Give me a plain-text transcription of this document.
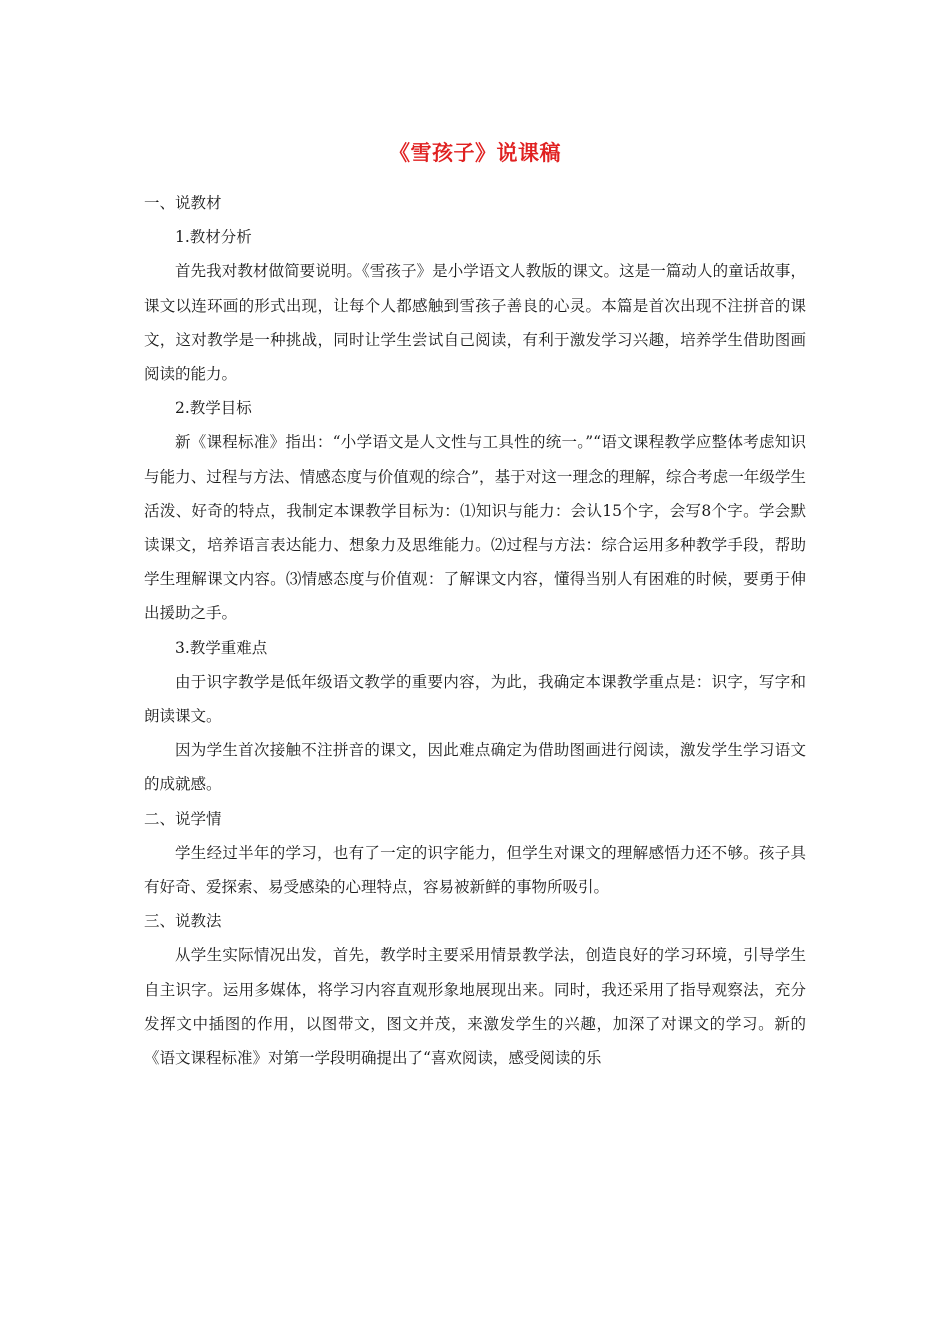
《雪孩子》说课稿

一、说教材

1.教材分析

首先我对教材做简要说明。《雪孩子》是小学语文人教版的课文。这是一篇动人的童话故事，课文以连环画的形式出现，让每个人都感触到雪孩子善良的心灵。本篇是首次出现不注拼音的课文，这对教学是一种挑战，同时让学生尝试自己阅读，有利于激发学习兴趣，培养学生借助图画阅读的能力。

2.教学目标

新《课程标准》指出：“小学语文是人文性与工具性的统一。”“语文课程教学应整体考虑知识与能力、过程与方法、情感态度与价值观的综合”，基于对这一理念的理解，综合考虑一年级学生活泼、好奇的特点，我制定本课教学目标为：⑴知识与能力：会认15个字，会写8个字。学会默读课文，培养语言表达能力、想象力及思维能力。⑵过程与方法：综合运用多种教学手段，帮助学生理解课文内容。⑶情感态度与价值观：了解课文内容，懂得当别人有困难的时候，要勇于伸出援助之手。

3.教学重难点

由于识字教学是低年级语文教学的重要内容，为此，我确定本课教学重点是：识字，写字和朗读课文。

因为学生首次接触不注拼音的课文，因此难点确定为借助图画进行阅读，激发学生学习语文的成就感。

二、说学情

学生经过半年的学习，也有了一定的识字能力，但学生对课文的理解感悟力还不够。孩子具有好奇、爱探索、易受感染的心理特点，容易被新鲜的事物所吸引。

三、说教法

从学生实际情况出发，首先，教学时主要采用情景教学法，创造良好的学习环境，引导学生自主识字。运用多媒体，将学习内容直观形象地展现出来。同时，我还采用了指导观察法，充分发挥文中插图的作用，以图带文，图文并茂，来激发学生的兴趣，加深了对课文的学习。新的《语文课程标准》对第一学段明确提出了“喜欢阅读，感受阅读的乐
